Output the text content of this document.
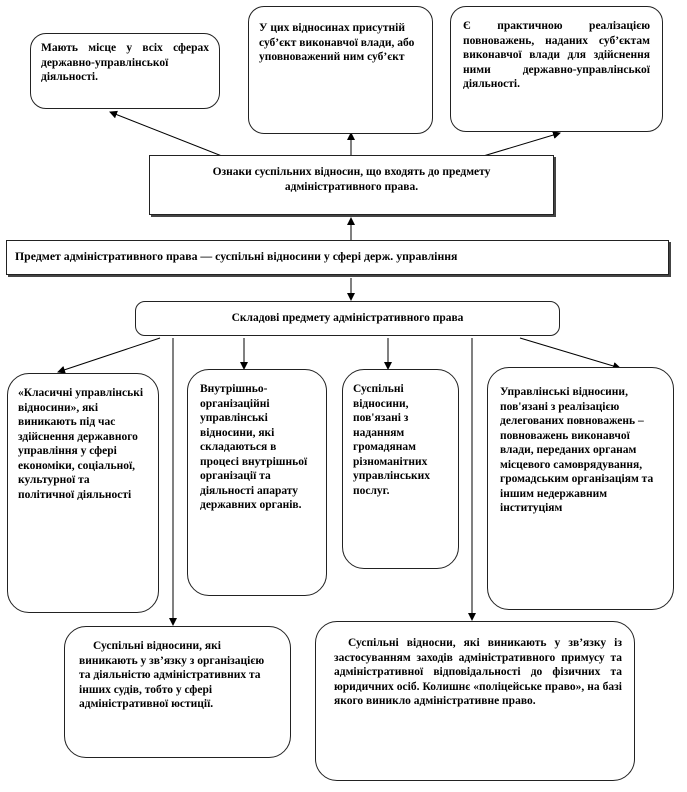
Мають місце у всіх сферах державно-управлінської діяльності.
У цих відносинах присутній суб’єкт виконавчої влади, або уповноважений ним суб’єкт
Є практичною реалізацією повноважень, наданих суб’єктам виконавчої влади для здійснення ними державно-управлінської діяльності.
Ознаки суспільних відносин, що входять до предмету адміністративного права.
Предмет адміністративного права — суспільні відносини у сфері держ. управління
Складові предмету адміністративного права
«Класичні управлінські відносини», які виникають під час здійснення державного управління у сфері економіки, соціальної, культурної та політичної діяльності
Внутрішньо-організаційні управлінські відносини, які складаються в процесі внутрішньої організації та діяльності апарату державних органів.
Суспільні відносини, пов'язані з наданням громадянам різноманітних управлінських послуг.
Управлінські відносини, пов'язані з реалізацією делегованих повноважень – повноважень виконавчої влади, переданих органам місцевого самоврядування, громадським організаціям та іншим недержавним інституціям
Суспільні відносини, які виникають у зв’язку з організацією та діяльністю адміністративних та інших судів, тобто у сфері адміністративної юстиції.
Суспільні відносни, які виникають у зв’язку із застосуванням заходів адміністративного примусу та адміністративної відповідальності до фізичних та юридичних осіб. Колишнє «поліцейське право», на базі якого виникло адміністративне право.
